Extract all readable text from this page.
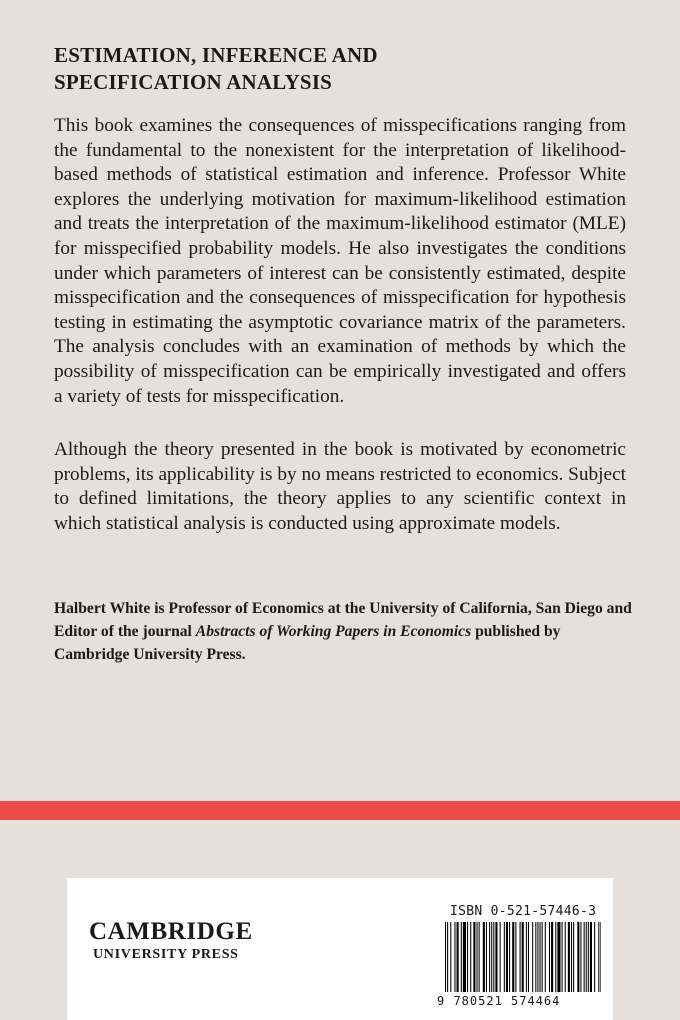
ESTIMATION, INFERENCE AND
SPECIFICATION ANALYSIS

This book examines the consequences of misspecifications ranging from the fundamental to the nonexistent for the interpretation of likelihood-based methods of statistical estimation and inference. Professor White explores the underlying motivation for maximum-likelihood estimation and treats the interpretation of the maximum-likelihood estimator (MLE) for misspecified probability models. He also investigates the conditions under which parameters of interest can be consistently estimated, despite misspecification and the consequences of misspecification for hypothesis testing in estimating the asymptotic covariance matrix of the parameters. The analysis concludes with an examination of methods by which the possibility of misspecification can be empirically investigated and offers a variety of tests for misspecification.

Although the theory presented in the book is motivated by econometric problems, its applicability is by no means restricted to economics. Subject to defined limitations, the theory applies to any scientific context in which statistical analysis is conducted using approximate models.

Halbert White is Professor of Economics at the University of California, San Diego and Editor of the journal Abstracts of Working Papers in Economics published by Cambridge University Press.

CAMBRIDGE
UNIVERSITY PRESS
ISBN 0-521-57446-3
9 780521 574464
